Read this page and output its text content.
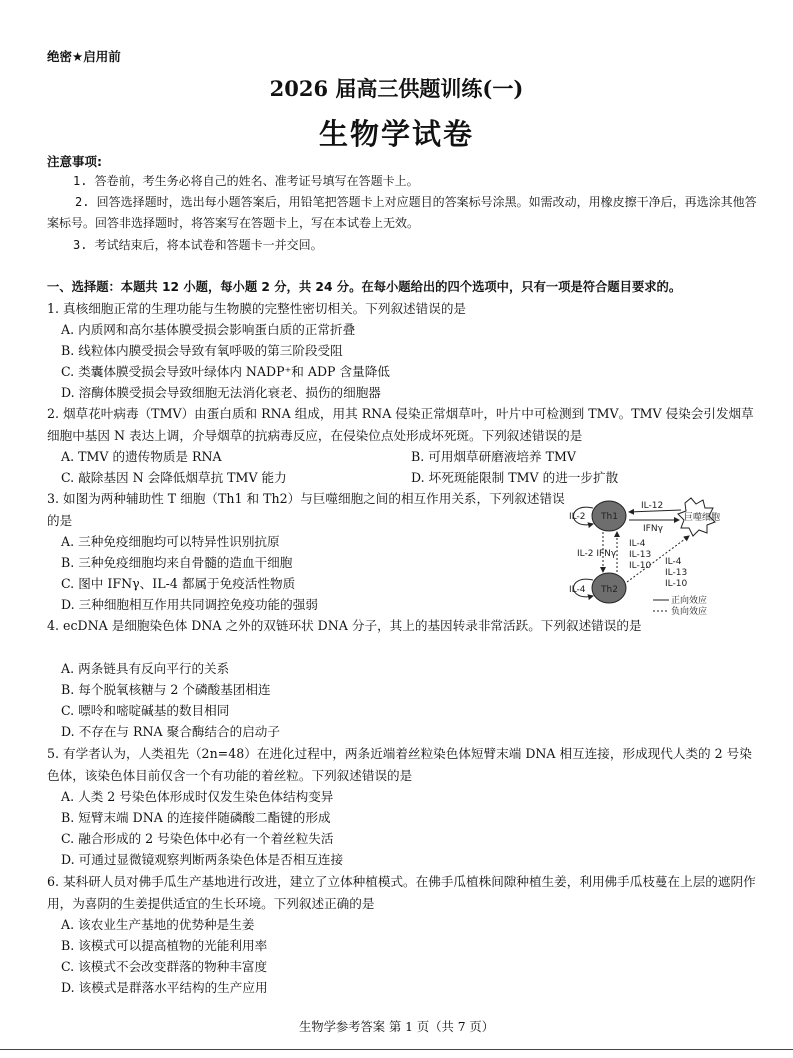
绝密★启用前
2026 届高三供题训练(一)
生物学试卷
注意事项:
1. 答卷前，考生务必将自己的姓名、准考证号填写在答题卡上。
2. 回答选择题时，选出每小题答案后，用铅笔把答题卡上对应题目的答案标号涂黑。如需改动，用橡皮擦干净后，再选涂其他答案标号。回答非选择题时，将答案写在答题卡上，写在本试卷上无效。
3. 考试结束后，将本试卷和答题卡一并交回。
一、选择题：本题共 12 小题，每小题 2 分，共 24 分。在每小题给出的四个选项中，只有一项是符合题目要求的。
1. 真核细胞正常的生理功能与生物膜的完整性密切相关。下列叙述错误的是
A. 内质网和高尔基体膜受损会影响蛋白质的正常折叠
B. 线粒体内膜受损会导致有氧呼吸的第三阶段受阻
C. 类囊体膜受损会导致叶绿体内 NADP⁺和 ADP 含量降低
D. 溶酶体膜受损会导致细胞无法消化衰老、损伤的细胞器
2. 烟草花叶病毒（TMV）由蛋白质和 RNA 组成，用其 RNA 侵染正常烟草叶，叶片中可检测到 TMV。TMV 侵染会引发烟草细胞中基因 N 表达上调，介导烟草的抗病毒反应，在侵染位点处形成坏死斑。下列叙述错误的是
A. TMV 的遗传物质是 RNA	B. 可用烟草研磨液培养 TMV
C. 敲除基因 N 会降低烟草抗 TMV 能力	D. 坏死斑能限制 TMV 的进一步扩散
3. 如图为两种辅助性 T 细胞（Th1 和 Th2）与巨噬细胞之间的相互作用关系，下列叙述错误的是
A. 三种免疫细胞均可以特异性识别抗原
B. 三种免疫细胞均来自骨髓的造血干细胞
C. 图中 IFNγ、IL-4 都属于免疫活性物质
D. 三种细胞相互作用共同调控免疫功能的强弱
Th1
Th2
巨噬细胞
IL-2
IL-4
IL-12
IFNγ
IL-2 IFNγ
IL-4
IL-13
IL-10 IL-4
IL-13
IL-10
正向效应
负向效应
4. ecDNA 是细胞染色体 DNA 之外的双链环状 DNA 分子，其上的基因转录非常活跃。下列叙述错误的是
A. 两条链具有反向平行的关系
B. 每个脱氧核糖与 2 个磷酸基团相连
C. 嘌呤和嘧啶碱基的数目相同
D. 不存在与 RNA 聚合酶结合的启动子
5. 有学者认为，人类祖先（2n=48）在进化过程中，两条近端着丝粒染色体短臂末端 DNA 相互连接，形成现代人类的 2 号染色体，该染色体目前仅含一个有功能的着丝粒。下列叙述错误的是
A. 人类 2 号染色体形成时仅发生染色体结构变异
B. 短臂末端 DNA 的连接伴随磷酸二酯键的形成
C. 融合形成的 2 号染色体中必有一个着丝粒失活
D. 可通过显微镜观察判断两条染色体是否相互连接
6. 某科研人员对佛手瓜生产基地进行改进，建立了立体种植模式。在佛手瓜植株间隙种植生姜，利用佛手瓜枝蔓在上层的遮阴作用，为喜阴的生姜提供适宜的生长环境。下列叙述正确的是
A. 该农业生产基地的优势种是生姜
B. 该模式可以提高植物的光能利用率
C. 该模式不会改变群落的物种丰富度
D. 该模式是群落水平结构的生产应用
生物学参考答案 第 1 页（共 7 页）
